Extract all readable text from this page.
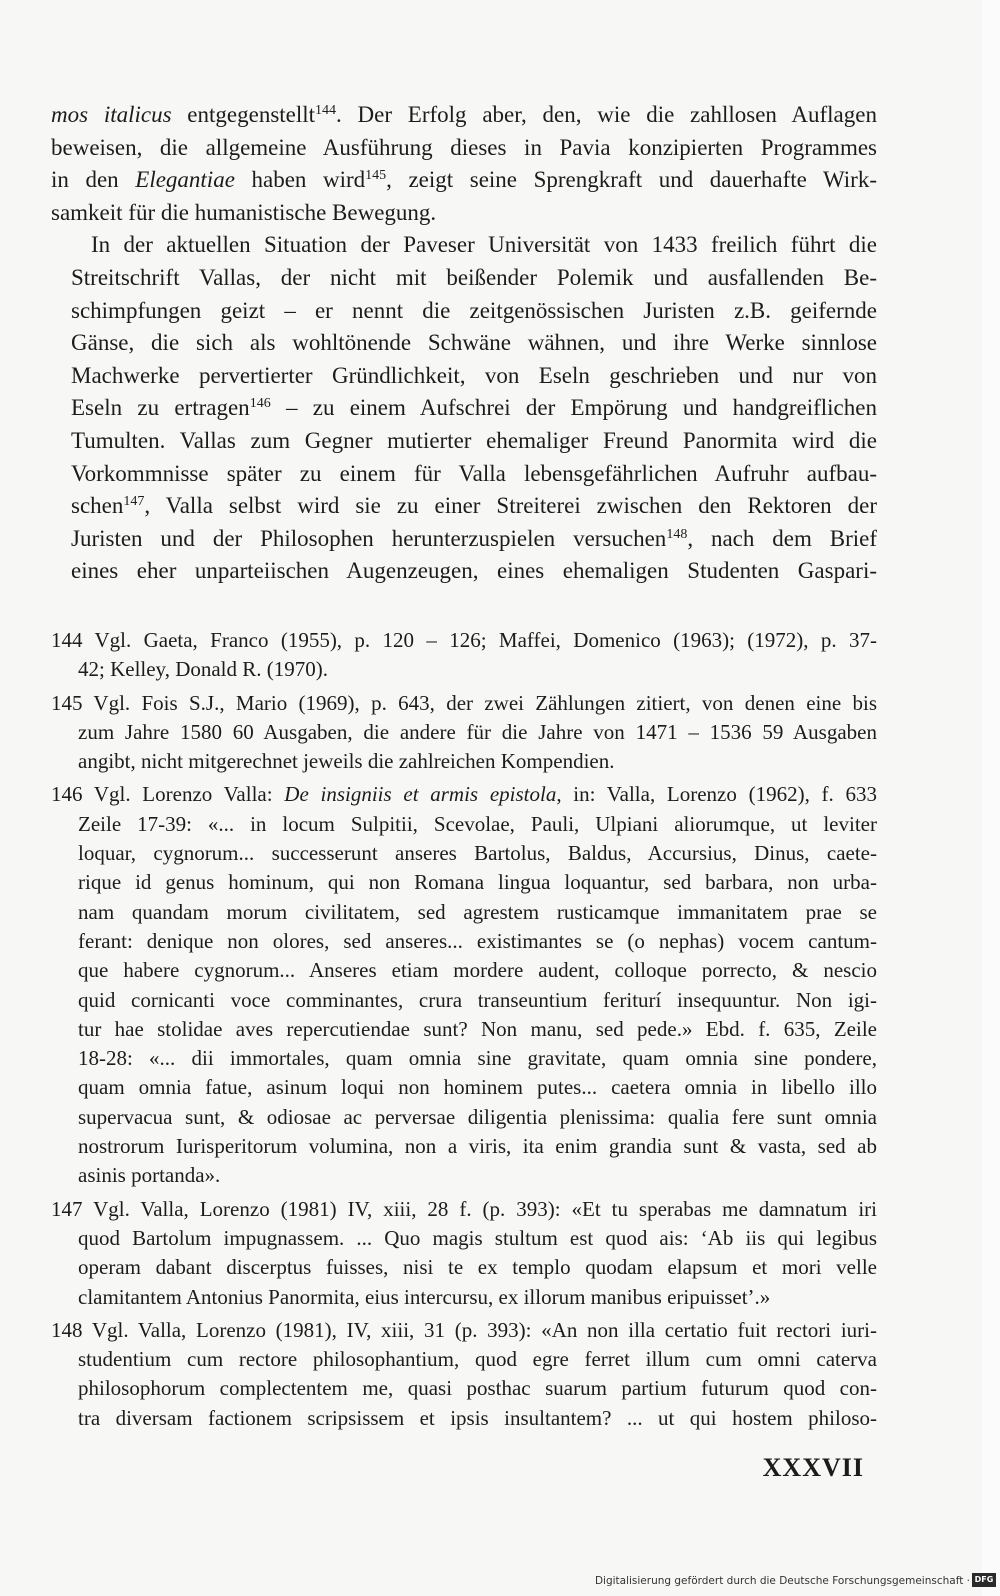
mos italicus entgegenstellt$^{144}$. Der Erfolg aber, den, wie die zahllosen Auflagen
beweisen, die allgemeine Ausführung dieses in Pavia konzipierten Programmes
in den Elegantiae haben wird$^{145}$, zeigt seine Sprengkraft und dauerhafte Wirk-
samkeit für die humanistische Bewegung.

In der aktuellen Situation der Paveser Universität von 1433 freilich führt die
Streitschrift Vallas, der nicht mit beißender Polemik und ausfallenden Be-
schimpfungen geizt – er nennt die zeitgenössischen Juristen z.B. geifernde
Gänse, die sich als wohltönende Schwäne wähnen, und ihre Werke sinnlose
Machwerke pervertierter Gründlichkeit, von Eseln geschrieben und nur von
Eseln zu ertragen$^{146}$ – zu einem Aufschrei der Empörung und handgreiflichen
Tumulten. Vallas zum Gegner mutierter ehemaliger Freund Panormita wird die
Vorkommnisse später zu einem für Valla lebensgefährlichen Aufruhr aufbau-
schen$^{147}$, Valla selbst wird sie zu einer Streiterei zwischen den Rektoren der
Juristen und der Philosophen herunterzuspielen versuchen$^{148}$, nach dem Brief
eines eher unparteiischen Augenzeugen, eines ehemaligen Studenten Gaspari-

144 Vgl. Gaeta, Franco (1955), p. 120 – 126; Maffei, Domenico (1963); (1972), p. 37-
42; Kelley, Donald R. (1970).
145 Vgl. Fois S.J., Mario (1969), p. 643, der zwei Zählungen zitiert, von denen eine bis
zum Jahre 1580 60 Ausgaben, die andere für die Jahre von 1471 – 1536 59 Ausgaben
angibt, nicht mitgerechnet jeweils die zahlreichen Kompendien.
146 Vgl. Lorenzo Valla: De insigniis et armis epistola, in: Valla, Lorenzo (1962), f. 633
Zeile 17-39: «... in locum Sulpitii, Scevolae, Pauli, Ulpiani aliorumque, ut leviter
loquar, cygnorum... successerunt anseres Bartolus, Baldus, Accursius, Dinus, caete-
rique id genus hominum, qui non Romana lingua loquantur, sed barbara, non urba-
nam quandam morum civilitatem, sed agrestem rusticamque immanitatem prae se
ferant: denique non olores, sed anseres... existimantes se (o nephas) vocem cantum-
que habere cygnorum... Anseres etiam mordere audent, colloque porrecto, & nescio
quid cornicanti voce comminantes, crura transeuntium feriturí insequuntur. Non igi-
tur hae stolidae aves repercutiendae sunt? Non manu, sed pede.» Ebd. f. 635, Zeile
18-28: «... dii immortales, quam omnia sine gravitate, quam omnia sine pondere,
quam omnia fatue, asinum loqui non hominem putes... caetera omnia in libello illo
supervacua sunt, & odiosae ac perversae diligentia plenissima: qualia fere sunt omnia
nostrorum Iurisperitorum volumina, non a viris, ita enim grandia sunt & vasta, sed ab
asinis portanda».
147 Vgl. Valla, Lorenzo (1981) IV, xiii, 28 f. (p. 393): «Et tu sperabas me damnatum iri
quod Bartolum impugnassem. ... Quo magis stultum est quod ais: ‘Ab iis qui legibus
operam dabant discerptus fuisses, nisi te ex templo quodam elapsum et mori velle
clamitantem Antonius Panormita, eius intercursu, ex illorum manibus eripuisset’.»
148 Vgl. Valla, Lorenzo (1981), IV, xiii, 31 (p. 393): «An non illa certatio fuit rectori iuri-
studentium cum rectore philosophantium, quod egre ferret illum cum omni caterva
philosophorum complectentem me, quasi posthac suarum partium futurum quod con-
tra diversam factionem scripsissem et ipsis insultantem? ... ut qui hostem philoso-
XXXVII
Digitalisierung gefördert durch die Deutsche Forschungsgemeinschaft · DFG
